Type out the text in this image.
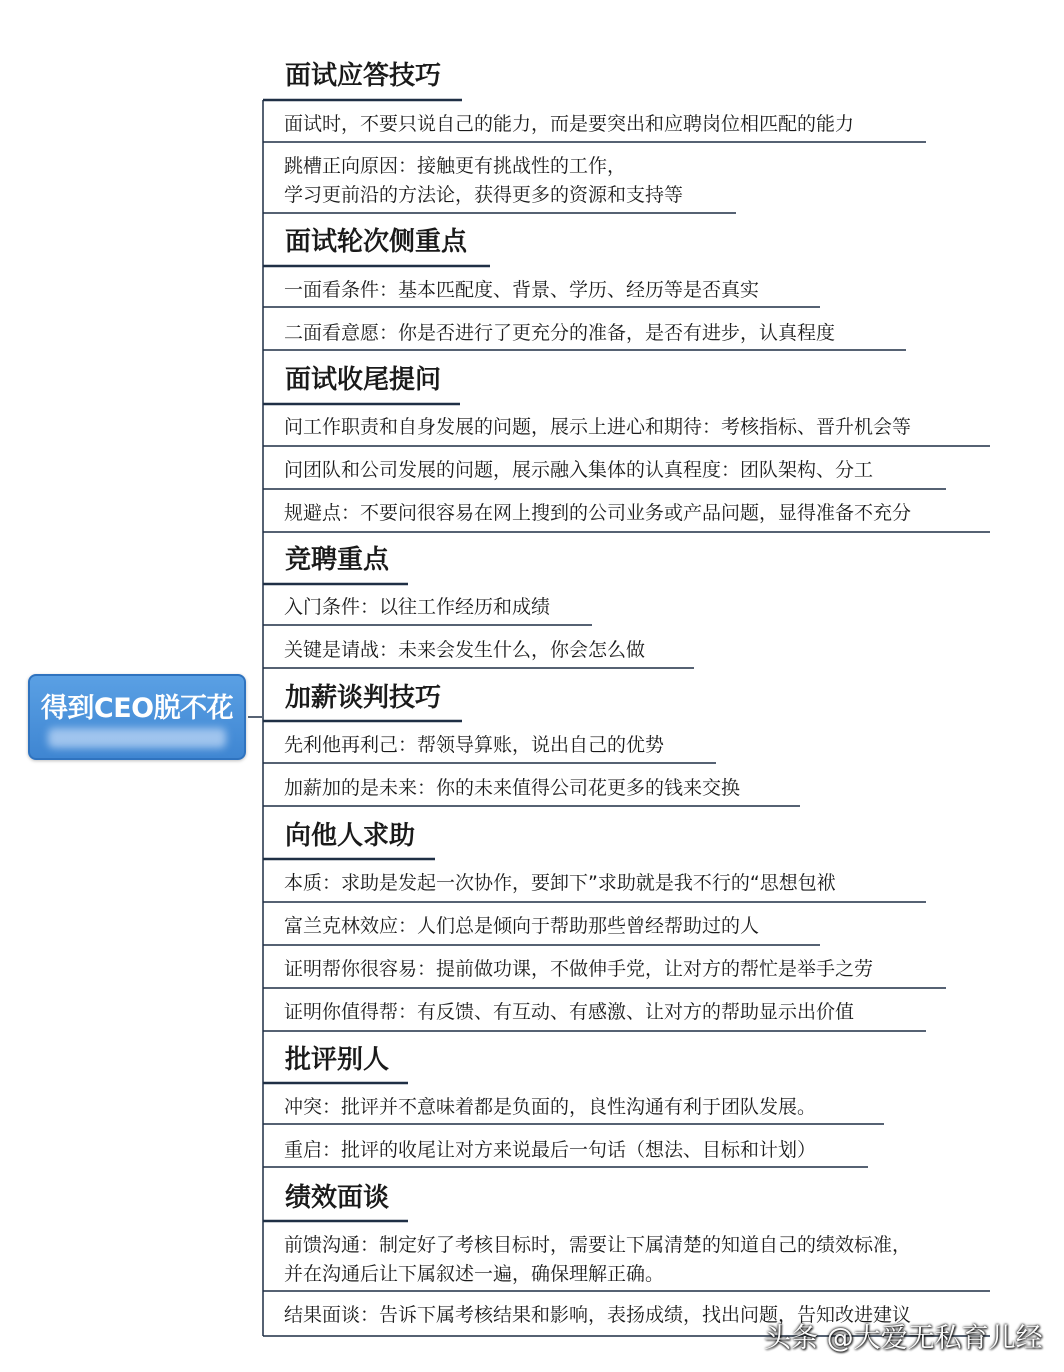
得到CEO脱不花
面试应答技巧
面试时，不要只说自己的能力，而是要突出和应聘岗位相匹配的能力
跳槽正向原因：接触更有挑战性的工作，
学习更前沿的方法论，获得更多的资源和支持等
面试轮次侧重点
一面看条件：基本匹配度、背景、学历、经历等是否真实
二面看意愿：你是否进行了更充分的准备，是否有进步，认真程度
面试收尾提问
问工作职责和自身发展的问题，展示上进心和期待：考核指标、晋升机会等
问团队和公司发展的问题，展示融入集体的认真程度：团队架构、分工
规避点：不要问很容易在网上搜到的公司业务或产品问题，显得准备不充分
竞聘重点
入门条件：以往工作经历和成绩
关键是请战：未来会发生什么，你会怎么做
加薪谈判技巧
先利他再利己：帮领导算账，说出自己的优势
加薪加的是未来：你的未来值得公司花更多的钱来交换
向他人求助
本质：求助是发起一次协作，要卸下”求助就是我不行的“思想包袱
富兰克林效应：人们总是倾向于帮助那些曾经帮助过的人
证明帮你很容易：提前做功课，不做伸手党，让对方的帮忙是举手之劳
证明你值得帮：有反馈、有互动、有感激、让对方的帮助显示出价值
批评别人
冲突：批评并不意味着都是负面的，良性沟通有利于团队发展。
重启：批评的收尾让对方来说最后一句话（想法、目标和计划）
绩效面谈
前馈沟通：制定好了考核目标时，需要让下属清楚的知道自己的绩效标准，
并在沟通后让下属叙述一遍，确保理解正确。
结果面谈：告诉下属考核结果和影响，表扬成绩，找出问题，告知改进建议
头条 @大爱无私育儿经
